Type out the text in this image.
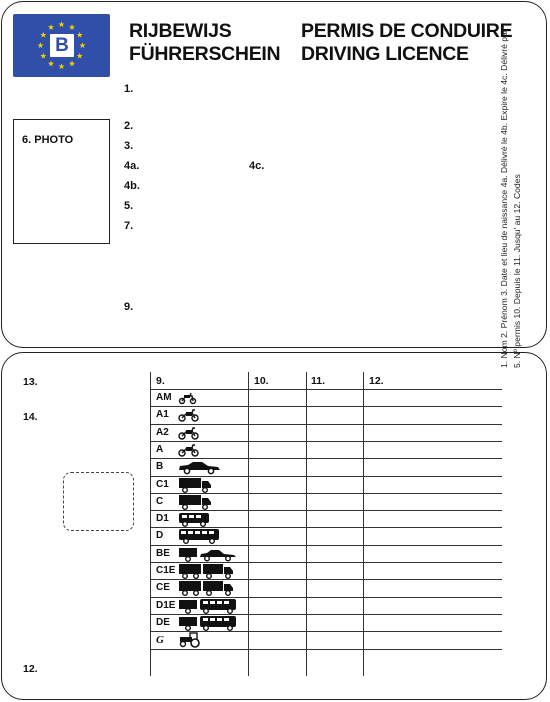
B
RIJBEWIJS	PERMIS DE CONDUIRE
FÜHRERSCHEIN DRIVING LICENCE
1.
2.
3.
4a.	4c.
4b.
5.
7.
9.
6. PHOTO
13.
14.
12.
9.	10.	11.	12.
AM
A1
A2
A
B
C1
C
D1
D
BE
C1E
CE
D1E
DE
G
1. Nom 2. Prénom 3. Date et lieu de naissance 4a. Délivré le 4b. Expire le 4c. Délivré par 5. Nº permis 10. Depuis le 11. Jusqu' au 12. Codes
